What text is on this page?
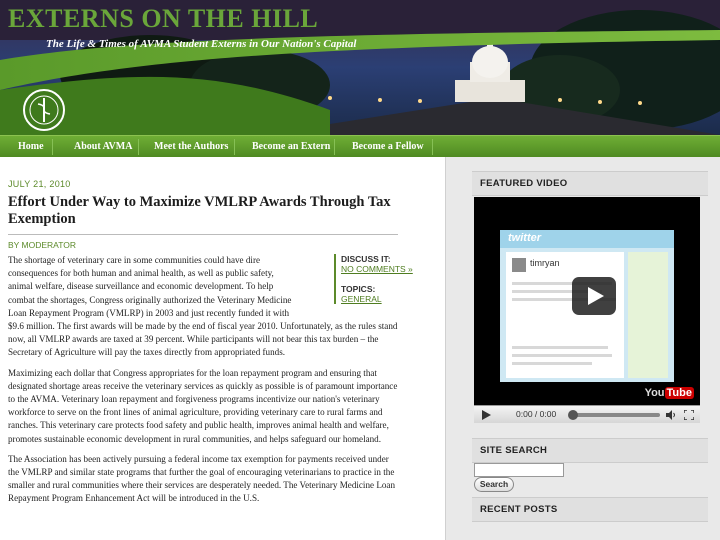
EXTERNS ON THE HILL
The Life & Times of AVMA Student Externs in Our Nation's Capital
Home	About AVMA	Meet the Authors	Become an Extern	Become a Fellow
JULY 21, 2010
Effort Under Way to Maximize VMLRP Awards Through Tax Exemption
BY MODERATOR
The shortage of veterinary care in some communities could have dire
consequences for both human and animal health, as well as public safety,
animal welfare, disease surveillance and economic development. To help
combat the shortages, Congress originally authorized the Veterinary Medicine
Loan Repayment Program (VMLRP) in 2003 and just recently funded it with
DISCUSS IT:
NO COMMENTS »
TOPICS:
GENERAL
$9.6 million. The first awards will be made by the end of fiscal year 2010. Unfortunately, as the rules stand now, all VMLRP awards are taxed at 39 percent. While participants will not bear this tax burden – the Secretary of Agriculture will pay the taxes directly from appropriated funds.
Maximizing each dollar that Congress appropriates for the loan repayment program and ensuring that designated shortage areas receive the veterinary services as quickly as possible is of paramount importance to the AVMA. Veterinary loan repayment and forgiveness programs incentivize our nation's veterinary workforce to serve on the front lines of animal agriculture, providing veterinary care to rural farms and ranches. This veterinary care protects food safety and public health, improves animal health and welfare, promotes sustainable economic development in rural communities, and helps safeguard our homeland.
The Association has been actively pursuing a federal income tax exemption for payments received under the VMLRP and similar state programs that further the goal of encouraging veterinarians to practice in the smaller and rural communities where their services are desperately needed. The Veterinary Medicine Loan Repayment Program Enhancement Act will be introduced in the U.S.
FEATURED VIDEO
twitter
timryan
You Tube
0:00 / 0:00
SITE SEARCH
Search
RECENT POSTS
